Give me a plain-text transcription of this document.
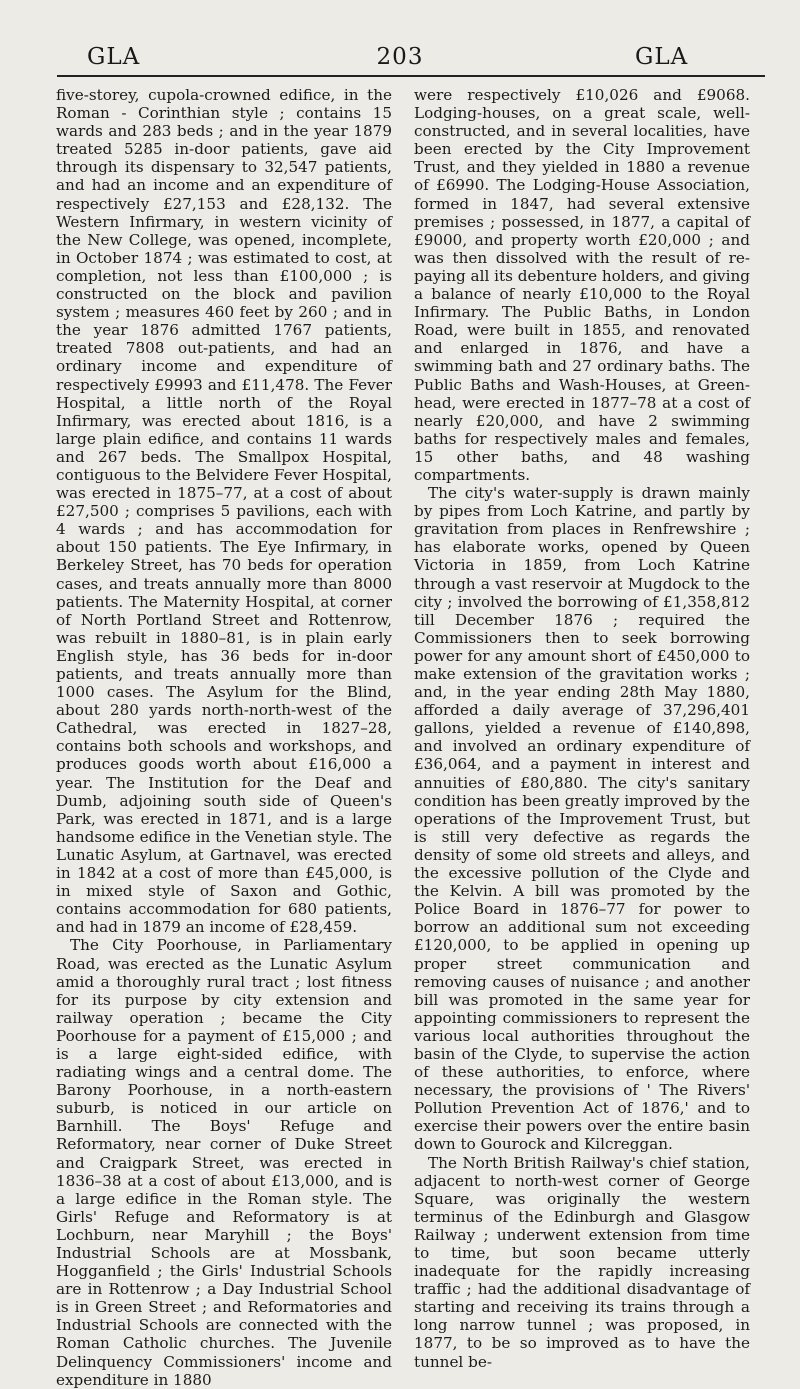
GLA	203	GLA

five-storey, cupola-crowned edifice, in the Roman - Corinthian style ; contains 15 wards and 283 beds ; and in the year 1879 treated 5285 in-door patients, gave aid through its dispensary to 32,547 patients, and had an income and an expenditure of respectively £27,153 and £28,132. The Western Infirmary, in western vicinity of the New College, was opened, incomplete, in October 1874 ; was estimated to cost, at completion, not less than £100,000 ; is constructed on the block and pavilion system ; measures 460 feet by 260 ; and in the year 1876 admitted 1767 patients, treated 7808 out-patients, and had an ordinary income and expenditure of respectively £9993 and £11,478. The Fever Hospital, a little north of the Royal Infirmary, was erected about 1816, is a large plain edifice, and contains 11 wards and 267 beds. The Smallpox Hospital, contiguous to the Belvidere Fever Hospital, was erected in 1875–77, at a cost of about £27,500 ; comprises 5 pavilions, each with 4 wards ; and has accommodation for about 150 patients. The Eye Infirmary, in Berkeley Street, has 70 beds for operation cases, and treats annually more than 8000 patients. The Maternity Hospital, at corner of North Portland Street and Rottenrow, was rebuilt in 1880–81, is in plain early English style, has 36 beds for in-door patients, and treats annually more than 1000 cases. The Asylum for the Blind, about 280 yards north-north-west of the Cathedral, was erected in 1827–28, contains both schools and workshops, and produces goods worth about £16,000 a year. The Institution for the Deaf and Dumb, adjoining south side of Queen's Park, was erected in 1871, and is a large handsome edifice in the Venetian style. The Lunatic Asylum, at Gartnavel, was erected in 1842 at a cost of more than £45,000, is in mixed style of Saxon and Gothic, contains accommodation for 680 patients, and had in 1879 an income of £28,459.

The City Poorhouse, in Parliamentary Road, was erected as the Lunatic Asylum amid a thoroughly rural tract ; lost fitness for its purpose by city extension and railway operation ; became the City Poorhouse for a payment of £15,000 ; and is a large eight-sided edifice, with radiating wings and a central dome. The Barony Poorhouse, in a north-eastern suburb, is noticed in our article on Barnhill. The Boys' Refuge and Reformatory, near corner of Duke Street and Craigpark Street, was erected in 1836–38 at a cost of about £13,000, and is a large edifice in the Roman style. The Girls' Refuge and Reformatory is at Lochburn, near Maryhill ; the Boys' Industrial Schools are at Mossbank, Hogganfield ; the Girls' Industrial Schools are in Rottenrow ; a Day Industrial School is in Green Street ; and Reformatories and Industrial Schools are connected with the Roman Catholic churches. The Juvenile Delinquency Commissioners' income and expenditure in 1880

were respectively £10,026 and £9068. Lodging-houses, on a great scale, well-constructed, and in several localities, have been erected by the City Improvement Trust, and they yielded in 1880 a revenue of £6990. The Lodging-House Association, formed in 1847, had several extensive premises ; possessed, in 1877, a capital of £9000, and property worth £20,000 ; and was then dissolved with the result of re-paying all its debenture holders, and giving a balance of nearly £10,000 to the Royal Infirmary. The Public Baths, in London Road, were built in 1855, and renovated and enlarged in 1876, and have a swimming bath and 27 ordinary baths. The Public Baths and Wash-Houses, at Green-head, were erected in 1877–78 at a cost of nearly £20,000, and have 2 swimming baths for respectively males and females, 15 other baths, and 48 washing compartments.

The city's water-supply is drawn mainly by pipes from Loch Katrine, and partly by gravitation from places in Renfrewshire ; has elaborate works, opened by Queen Victoria in 1859, from Loch Katrine through a vast reservoir at Mugdock to the city ; involved the borrowing of £1,358,812 till December 1876 ; required the Commissioners then to seek borrowing power for any amount short of £450,000 to make extension of the gravitation works ; and, in the year ending 28th May 1880, afforded a daily average of 37,296,401 gallons, yielded a revenue of £140,898, and involved an ordinary expenditure of £36,064, and a payment in interest and annuities of £80,880. The city's sanitary condition has been greatly improved by the operations of the Improvement Trust, but is still very defective as regards the density of some old streets and alleys, and the excessive pollution of the Clyde and the Kelvin. A bill was promoted by the Police Board in 1876–77 for power to borrow an additional sum not exceeding £120,000, to be applied in opening up proper street communication and removing causes of nuisance ; and another bill was promoted in the same year for appointing commissioners to represent the various local authorities throughout the basin of the Clyde, to supervise the action of these authorities, to enforce, where necessary, the provisions of ' The Rivers' Pollution Prevention Act of 1876,' and to exercise their powers over the entire basin down to Gourock and Kilcreggan.

The North British Railway's chief station, adjacent to north-west corner of George Square, was originally the western terminus of the Edinburgh and Glasgow Railway ; underwent extension from time to time, but soon became utterly inadequate for the rapidly increasing traffic ; had the additional disadvantage of starting and receiving its trains through a long narrow tunnel ; was proposed, in 1877, to be so improved as to have the tunnel be-
